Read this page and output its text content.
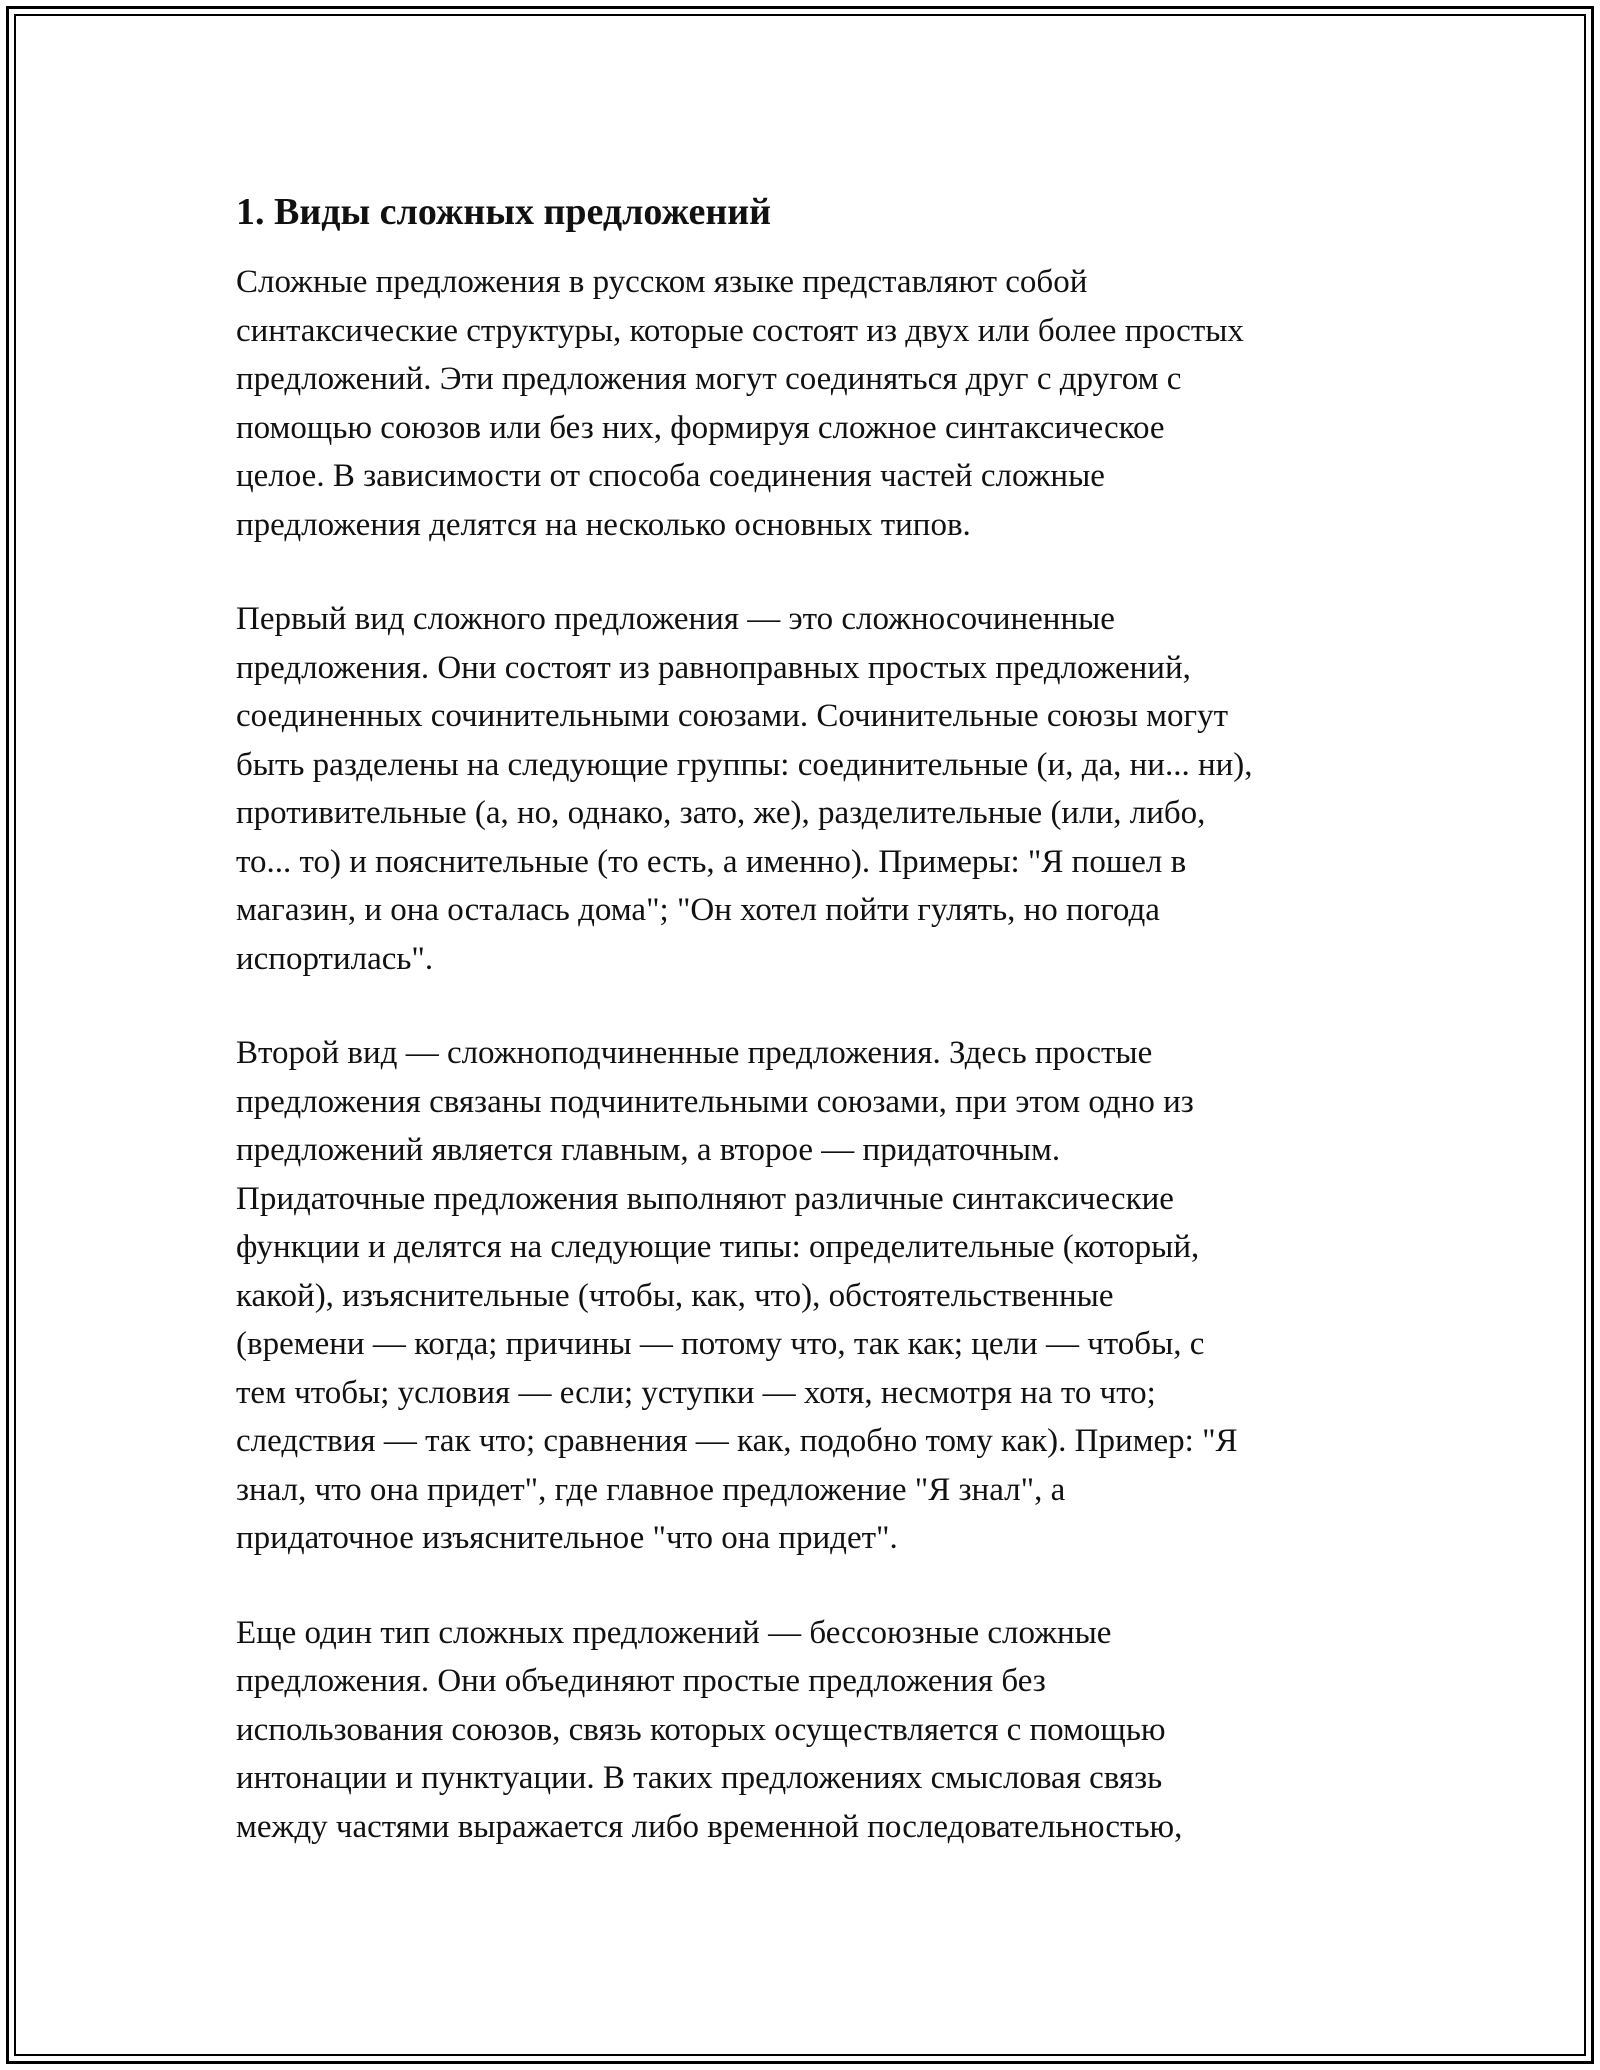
1. Виды сложных предложений
Сложные предложения в русском языке представляют собой
синтаксические структуры, которые состоят из двух или более простых
предложений. Эти предложения могут соединяться друг с другом с
помощью союзов или без них, формируя сложное синтаксическое
целое. В зависимости от способа соединения частей сложные
предложения делятся на несколько основных типов.
Первый вид сложного предложения — это сложносочиненные
предложения. Они состоят из равноправных простых предложений,
соединенных сочинительными союзами. Сочинительные союзы могут
быть разделены на следующие группы: соединительные (и, да, ни... ни),
противительные (а, но, однако, зато, же), разделительные (или, либо,
то... то) и пояснительные (то есть, а именно). Примеры: "Я пошел в
магазин, и она осталась дома"; "Он хотел пойти гулять, но погода
испортилась".
Второй вид — сложноподчиненные предложения. Здесь простые
предложения связаны подчинительными союзами, при этом одно из
предложений является главным, а второе — придаточным.
Придаточные предложения выполняют различные синтаксические
функции и делятся на следующие типы: определительные (который,
какой), изъяснительные (чтобы, как, что), обстоятельственные
(времени — когда; причины — потому что, так как; цели — чтобы, с
тем чтобы; условия — если; уступки — хотя, несмотря на то что;
следствия — так что; сравнения — как, подобно тому как). Пример: "Я
знал, что она придет", где главное предложение "Я знал", а
придаточное изъяснительное "что она придет".
Еще один тип сложных предложений — бессоюзные сложные
предложения. Они объединяют простые предложения без
использования союзов, связь которых осуществляется с помощью
интонации и пунктуации. В таких предложениях смысловая связь
между частями выражается либо временной последовательностью,
